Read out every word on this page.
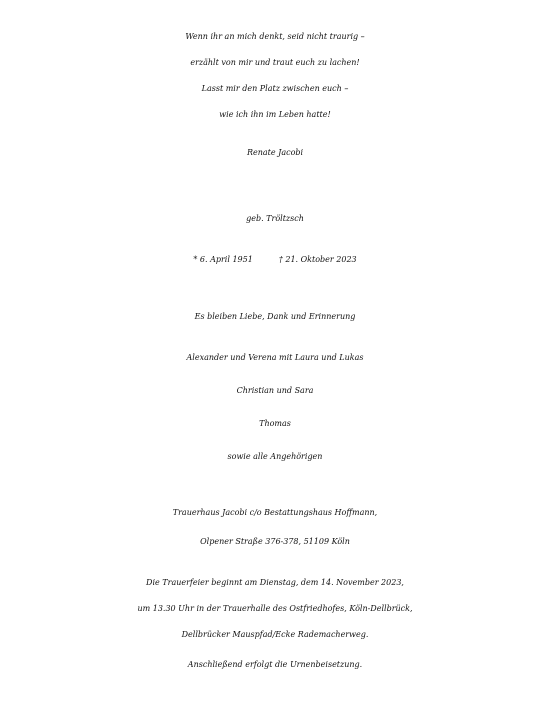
Wenn ihr an mich denkt, seid nicht traurig –
erzählt von mir und traut euch zu lachen!
Lasst mir den Platz zwischen euch –
wie ich ihn im Leben hatte!
Renate Jacobi
geb. Tröltzsch
* 6. April 1951	† 21. Oktober 2023
Es bleiben Liebe, Dank und Erinnerung
Alexander und Verena mit Laura und Lukas
Christian und Sara
Thomas
sowie alle Angehörigen
Trauerhaus Jacobi c/o Bestattungshaus Hoffmann,
Olpener Straße 376-378, 51109 Köln
Die Trauerfeier beginnt am Dienstag, dem 14. November 2023,
um 13.30 Uhr in der Trauerhalle des Ostfriedhofes, Köln-Dellbrück,
Dellbrücker Mauspfad/Ecke Rademacherweg.
Anschließend erfolgt die Urnenbeisetzung.
